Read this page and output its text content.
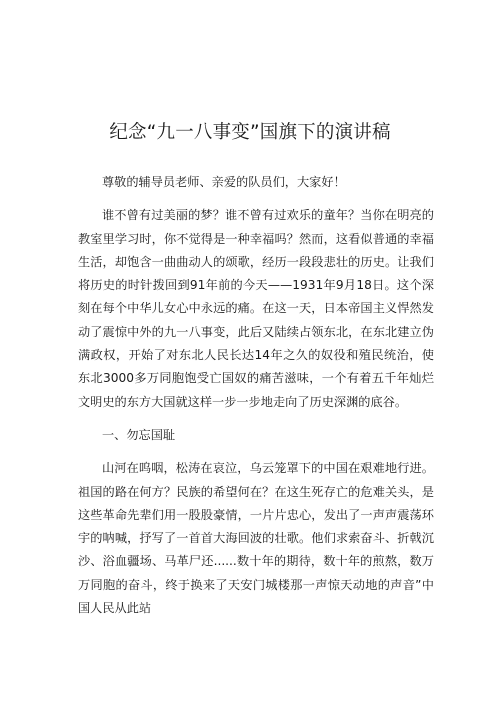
纪念“九一八事变”国旗下的演讲稿

尊敬的辅导员老师、亲爱的队员们，大家好！

谁不曾有过美丽的梦？谁不曾有过欢乐的童年？当你在明亮的教室里学习时，你不觉得是一种幸福吗？然而，这看似普通的幸福生活，却饱含一曲曲动人的颂歌，经历一段段悲壮的历史。让我们将历史的时针拨回到91年前的今天——1931年9月18日。这个深刻在每个中华儿女心中永远的痛。在这一天，日本帝国主义悍然发动了震惊中外的九一八事变，此后又陆续占领东北，在东北建立伪满政权，开始了对东北人民长达14年之久的奴役和殖民统治，使东北3000多万同胞饱受亡国奴的痛苦滋味，一个有着五千年灿烂文明史的东方大国就这样一步一步地走向了历史深渊的底谷。

一、勿忘国耻

山河在呜咽，松涛在哀泣，乌云笼罩下的中国在艰难地行进。祖国的路在何方？民族的希望何在？在这生死存亡的危难关头，是这些革命先辈们用一股股豪情，一片片忠心，发出了一声声震荡环宇的呐喊，抒写了一首首大海回波的壮歌。他们求索奋斗、折戟沉沙、浴血疆场、马革尸还......数十年的期待，数十年的煎熬，数万万同胞的奋斗，终于换来了天安门城楼那一声惊天动地的声音”中国人民从此站
